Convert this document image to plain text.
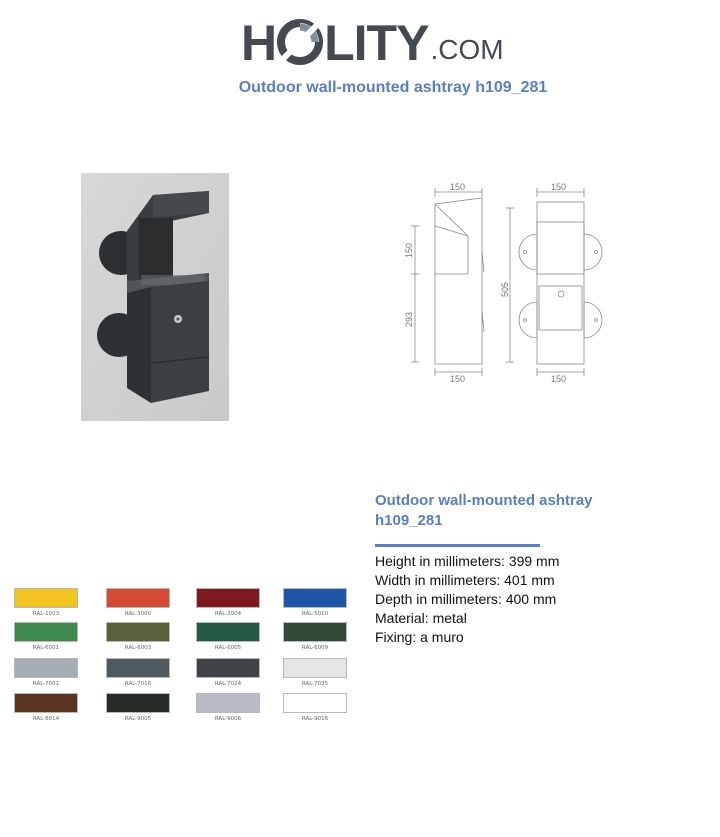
H LITY .COM
Outdoor wall-mounted ashtray h109_281
150	150
150
293
505
150	150
Outdoor wall-mounted ashtray h109_281
Height in millimeters: 399 mm
Width in millimeters: 401 mm
Depth in millimeters: 400 mm
Material: metal
Fixing: a muro
RAL-1003	RAL-3000	RAL-3004	RAL-5010
RAL-6001	RAL-6003	RAL-6005	RAL-6009
RAL-7001	RAL-7016	RAL-7024	RAL-7035
RAL-8014	RAL-9005	RAL-9006	RAL-9016
